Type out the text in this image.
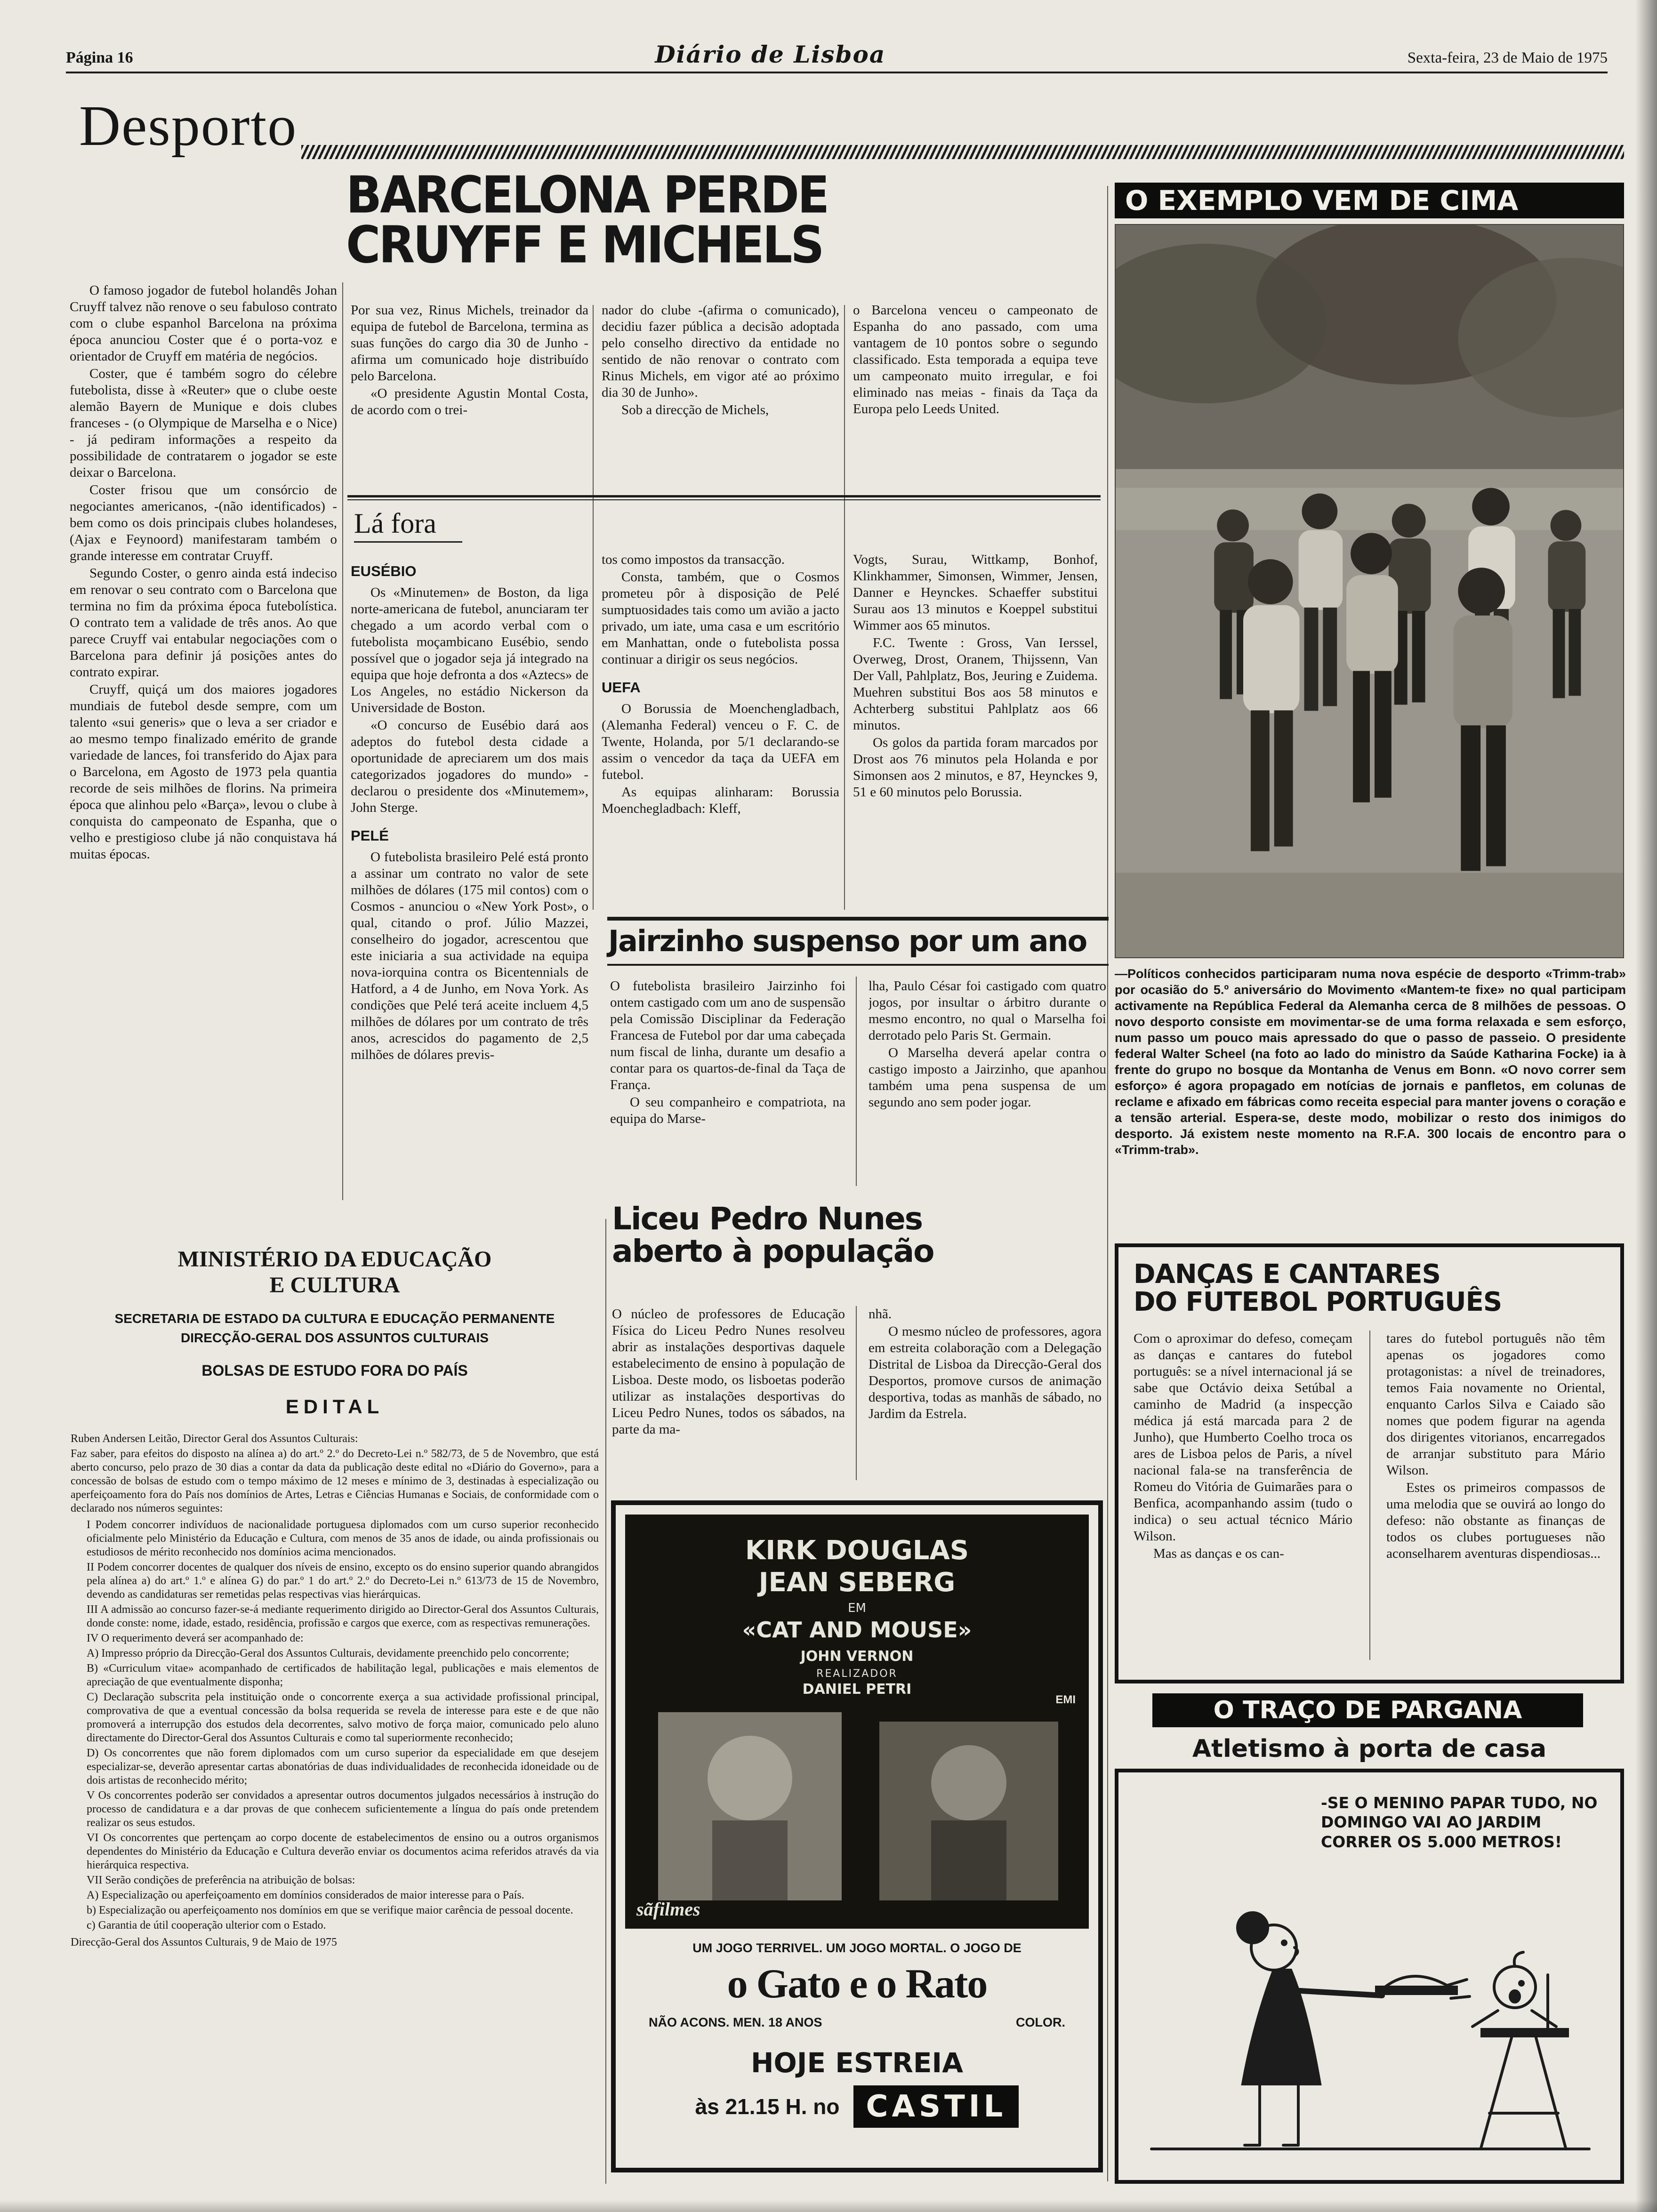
Página 16	Diário de Lisboa	Sexta-feira, 23 de Maio de 1975
Desporto
BARCELONA PERDE
CRUYFF E MICHELS

O famoso jogador de futebol holandês Johan Cruyff talvez não renove o seu fabuloso contrato com o clube espanhol Barcelona na próxima época anunciou Coster que é o porta-voz e orientador de Cruyff em matéria de negócios.

Coster, que é também sogro do célebre futebolista, disse à «Reuter» que o clube oeste alemão Bayern de Munique e dois clubes franceses - (o Olympique de Marselha e o Nice) - já pediram informações a respeito da possibilidade de contratarem o jogador se este deixar o Barcelona.

Coster frisou que um consórcio de negociantes americanos, -(não identificados) - bem como os dois principais clubes holandeses, (Ajax e Feynoord) manifestaram também o grande interesse em contratar Cruyff.

Segundo Coster, o genro ainda está indeciso em renovar o seu contrato com o Barcelona que termina no fim da próxima época futebolística. O contrato tem a validade de três anos. Ao que parece Cruyff vai entabular negociações com o Barcelona para definir já posições antes do contrato expirar.

Cruyff, quiçá um dos maiores jogadores mundiais de futebol desde sempre, com um talento «sui generis» que o leva a ser criador e ao mesmo tempo finalizado emérito de grande variedade de lances, foi transferido do Ajax para o Barcelona, em Agosto de 1973 pela quantia recorde de seis milhões de florins. Na primeira época que alinhou pelo «Barça», levou o clube à conquista do campeonato de Espanha, que o velho e prestigioso clube já não conquistava há muitas épocas.

Por sua vez, Rinus Michels, treinador da equipa de futebol de Barcelona, termina as suas funções do cargo dia 30 de Junho - afirma um comunicado hoje distribuído pelo Barcelona.

«O presidente Agustin Montal Costa, de acordo com o trei-

nador do clube -(afirma o comunicado), decidiu fazer pública a decisão adoptada pelo conselho directivo da entidade no sentido de não renovar o contrato com Rinus Michels, em vigor até ao próximo dia 30 de Junho».

Sob a direcção de Michels,

o Barcelona venceu o campeonato de Espanha do ano passado, com uma vantagem de 10 pontos sobre o segundo classificado. Esta temporada a equipa teve um campeonato muito irregular, e foi eliminado nas meias - finais da Taça da Europa pelo Leeds United.

Lá fora
EUSÉBIO

Os «Minutemen» de Boston, da liga norte-americana de futebol, anunciaram ter chegado a um acordo verbal com o futebolista moçambicano Eusébio, sendo possível que o jogador seja já integrado na equipa que hoje defronta a dos «Aztecs» de Los Angeles, no estádio Nickerson da Universidade de Boston.

«O concurso de Eusébio dará aos adeptos do futebol desta cidade a oportunidade de apreciarem um dos mais categorizados jogadores do mundo» - declarou o presidente dos «Minutemem», John Sterge.

PELÉ

O futebolista brasileiro Pelé está pronto a assinar um contrato no valor de sete milhões de dólares (175 mil contos) com o Cosmos - anunciou o «New York Post», o qual, citando o prof. Júlio Mazzei, conselheiro do jogador, acrescentou que este iniciaria a sua actividade na equipa nova-iorquina contra os Bicentennials de Hatford, a 4 de Junho, em Nova York. As condições que Pelé terá aceite incluem 4,5 milhões de dólares por um contrato de três anos, acrescidos do pagamento de 2,5 milhões de dólares previs-

tos como impostos da transacção.

Consta, também, que o Cosmos prometeu pôr à disposição de Pelé sumptuosidades tais como um avião a jacto privado, um iate, uma casa e um escritório em Manhattan, onde o futebolista possa continuar a dirigir os seus negócios.

UEFA

O Borussia de Moenchengladbach, (Alemanha Federal) venceu o F. C. de Twente, Holanda, por 5/1 declarando-se assim o vencedor da taça da UEFA em futebol.

As equipas alinharam: Borussia Moenchegladbach: Kleff,

Vogts, Surau, Wittkamp, Bonhof, Klinkhammer, Simonsen, Wimmer, Jensen, Danner e Heynckes. Schaeffer substitui Surau aos 13 minutos e Koeppel substitui Wimmer aos 65 minutos.

F.C. Twente : Gross, Van Ierssel, Overweg, Drost, Oranem, Thijssenn, Van Der Vall, Pahlplatz, Bos, Jeuring e Zuidema. Muehren substitui Bos aos 58 minutos e Achterberg substitui Pahlplatz aos 66 minutos.

Os golos da partida foram marcados por Drost aos 76 minutos pela Holanda e por Simonsen aos 2 minutos, e 87, Heynckes 9, 51 e 60 minutos pelo Borussia.

Jairzinho suspenso por um ano

O futebolista brasileiro Jairzinho foi ontem castigado com um ano de suspensão pela Comissão Disciplinar da Federação Francesa de Futebol por dar uma cabeçada num fiscal de linha, durante um desafio a contar para os quartos-de-final da Taça de França.

O seu companheiro e compatriota, na equipa do Marse-

lha, Paulo César foi castigado com quatro jogos, por insultar o árbitro durante o mesmo encontro, no qual o Marselha foi derrotado pelo Paris St. Germain.

O Marselha deverá apelar contra o castigo imposto a Jairzinho, que apanhou também uma pena suspensa de um segundo ano sem poder jogar.

O EXEMPLO VEM DE CIMA

—Políticos conhecidos participaram numa nova espécie de desporto «Trimm-trab» por ocasião do 5.º aniversário do Movimento «Mantem-te fixe» no qual participam activamente na República Federal da Alemanha cerca de 8 milhões de pessoas. O novo desporto consiste em movimentar-se de uma forma relaxada e sem esforço, num passo um pouco mais apressado do que o passo de passeio. O presidente federal Walter Scheel (na foto ao lado do ministro da Saúde Katharina Focke) ia à frente do grupo no bosque da Montanha de Venus em Bonn. «O novo correr sem esforço» é agora propagado em notícias de jornais e panfletos, em colunas de reclame e afixado em fábricas como receita especial para manter jovens o coração e a tensão arterial. Espera-se, deste modo, mobilizar o resto dos inimigos do desporto. Já existem neste momento na R.F.A. 300 locais de encontro para o «Trimm-trab».

Liceu Pedro Nunes
aberto à população

O núcleo de professores de Educação Física do Liceu Pedro Nunes resolveu abrir as instalações desportivas daquele estabelecimento de ensino à população de Lisboa. Deste modo, os lisboetas poderão utilizar as instalações desportivas do Liceu Pedro Nunes, todos os sábados, na parte da ma-

nhã.

O mesmo núcleo de professores, agora em estreita colaboração com a Delegação Distrital de Lisboa da Direcção-Geral dos Desportos, promove cursos de animação desportiva, todas as manhãs de sábado, no Jardim da Estrela.

DANÇAS E CANTARES
DO FUTEBOL PORTUGUÊS

Com o aproximar do defeso, começam as danças e cantares do futebol português: se a nível internacional já se sabe que Octávio deixa Setúbal a caminho de Madrid (a inspecção médica já está marcada para 2 de Junho), que Humberto Coelho troca os ares de Lisboa pelos de Paris, a nível nacional fala-se na transferência de Romeu do Vitória de Guimarães para o Benfica, acompanhando assim (tudo o indica) o seu actual técnico Mário Wilson.

Mas as danças e os can-

tares do futebol português não têm apenas os jogadores como protagonistas: a nível de treinadores, temos Faia novamente no Oriental, enquanto Carlos Silva e Caiado são nomes que podem figurar na agenda dos dirigentes vitorianos, encarregados de arranjar substituto para Mário Wilson.

Estes os primeiros compassos de uma melodia que se ouvirá ao longo do defeso: não obstante as finanças de todos os clubes portugueses não aconselharem aventuras dispendiosas...

MINISTÉRIO DA EDUCAÇÃO
E CULTURA
SECRETARIA DE ESTADO DA CULTURA E EDUCAÇÃO PERMANENTE
DIRECÇÃO-GERAL DOS ASSUNTOS CULTURAIS
BOLSAS DE ESTUDO FORA DO PAÍS
EDITAL

Ruben Andersen Leitão, Director Geral dos Assuntos Culturais:

Faz saber, para efeitos do disposto na alínea a) do art.º 2.º do Decreto-Lei n.º 582/73, de 5 de Novembro, que está aberto concurso, pelo prazo de 30 dias a contar da data da publicação deste edital no «Diário do Governo», para a concessão de bolsas de estudo com o tempo máximo de 12 meses e mínimo de 3, destinadas à especialização ou aperfeiçoamento fora do País nos domínios de Artes, Letras e Ciências Humanas e Sociais, de conformidade com o declarado nos números seguintes:

I Podem concorrer indivíduos de nacionalidade portuguesa diplomados com um curso superior reconhecido oficialmente pelo Ministério da Educação e Cultura, com menos de 35 anos de idade, ou ainda profissionais ou estudiosos de mérito reconhecido nos domínios acima mencionados.

II Podem concorrer docentes de qualquer dos níveis de ensino, excepto os do ensino superior quando abrangidos pela alínea a) do art.º 1.º e alínea G) do par.º 1 do art.º 2.º do Decreto-Lei n.º 613/73 de 15 de Novembro, devendo as candidaturas ser remetidas pelas respectivas vias hierárquicas.

III A admissão ao concurso fazer-se-á mediante requerimento dirigido ao Director-Geral dos Assuntos Culturais, donde conste: nome, idade, estado, residência, profissão e cargos que exerce, com as respectivas remunerações.

IV O requerimento deverá ser acompanhado de:

A) Impresso próprio da Direcção-Geral dos Assuntos Culturais, devidamente preenchido pelo concorrente;

B) «Curriculum vitae» acompanhado de certificados de habilitação legal, publicações e mais elementos de apreciação de que eventualmente disponha;

C) Declaração subscrita pela instituição onde o concorrente exerça a sua actividade profissional principal, comprovativa de que a eventual concessão da bolsa requerida se revela de interesse para este e de que não promoverá a interrupção dos estudos dela decorrentes, salvo motivo de força maior, comunicado pelo aluno directamente do Director-Geral dos Assuntos Culturais e como tal superiormente reconhecido;

D) Os concorrentes que não forem diplomados com um curso superior da especialidade em que desejem especializar-se, deverão apresentar cartas abonatórias de duas individualidades de reconhecida idoneidade ou de dois artistas de reconhecido mérito;

V Os concorrentes poderão ser convidados a apresentar outros documentos julgados necessários à instrução do processo de candidatura e a dar provas de que conhecem suficientemente a língua do país onde pretendem realizar os seus estudos.

VI Os concorrentes que pertençam ao corpo docente de estabelecimentos de ensino ou a outros organismos dependentes do Ministério da Educação e Cultura deverão enviar os documentos acima referidos através da via hierárquica respectiva.

VII Serão condições de preferência na atribuição de bolsas:

A) Especialização ou aperfeiçoamento em domínios considerados de maior interesse para o País.

b) Especialização ou aperfeiçoamento nos domínios em que se verifique maior carência de pessoal docente.

c) Garantia de útil cooperação ulterior com o Estado.

Direcção-Geral dos Assuntos Culturais, 9 de Maio de 1975

KIRK DOUGLAS
JEAN SEBERG
EM
«CAT AND MOUSE»
JOHN VERNON
REALIZADOR
DANIEL PETRI
EMI
sãfilmes
UM JOGO TERRIVEL. UM JOGO MORTAL. O JOGO DE
o Gato e o Rato
NÃO ACONS. MEN. 18 ANOS	COLOR.
HOJE ESTREIA
às 21.15 H. no CASTIL
O TRAÇO DE PARGANA
Atletismo à porta de casa
-SE O MENINO PAPAR TUDO, NO DOMINGO VAI AO JARDIM CORRER OS 5.000 METROS!
